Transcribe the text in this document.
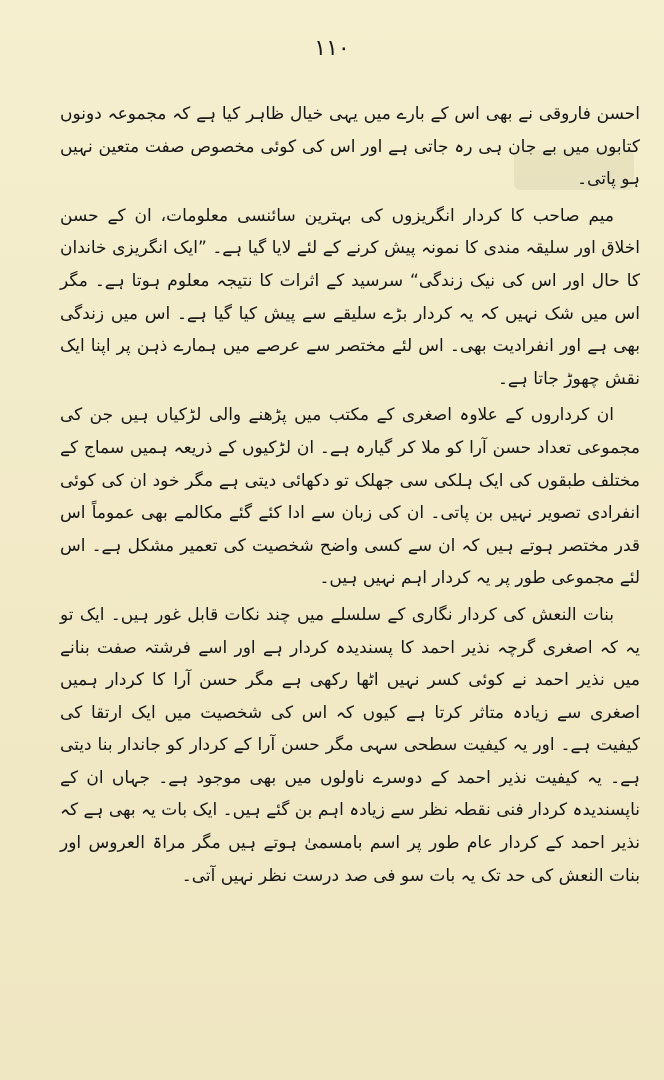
١١٠

احسن فاروقی نے بھی اس کے بارے میں یہی خیال ظاہر کیا ہے کہ مجموعہ دونوں کتابوں میں بے جان ہی رہ جاتی ہے اور اس کی کوئی مخصوص صفت متعین نہیں ہو پاتی۔

میم صاحب کا کردار انگریزوں کی بہترین سائنسی معلومات، ان کے حسن اخلاق اور سلیقہ مندی کا نمونہ پیش کرنے کے لئے لایا گیا ہے۔ ”ایک انگریزی خاندان کا حال اور اس کی نیک زندگی“ سرسید کے اثرات کا نتیجہ معلوم ہوتا ہے۔ مگر اس میں شک نہیں کہ یہ کردار بڑے سلیقے سے پیش کیا گیا ہے۔ اس میں زندگی بھی ہے اور انفرادیت بھی۔ اس لئے مختصر سے عرصے میں ہمارے ذہن پر اپنا ایک نقش چھوڑ جاتا ہے۔

ان کرداروں کے علاوہ اصغری کے مکتب میں پڑھنے والی لڑکیاں ہیں جن کی مجموعی تعداد حسن آرا کو ملا کر گیارہ ہے۔ ان لڑکیوں کے ذریعہ ہمیں سماج کے مختلف طبقوں کی ایک ہلکی سی جھلک تو دکھائی دیتی ہے مگر خود ان کی کوئی انفرادی تصویر نہیں بن پاتی۔ ان کی زبان سے ادا کئے گئے مکالمے بھی عموماً اس قدر مختصر ہوتے ہیں کہ ان سے کسی واضح شخصیت کی تعمیر مشکل ہے۔ اس لئے مجموعی طور پر یہ کردار اہم نہیں ہیں۔

بنات النعش کی کردار نگاری کے سلسلے میں چند نکات قابل غور ہیں۔ ایک تو یہ کہ اصغری گرچہ نذیر احمد کا پسندیدہ کردار ہے اور اسے فرشتہ صفت بنانے میں نذیر احمد نے کوئی کسر نہیں اٹھا رکھی ہے مگر حسن آرا کا کردار ہمیں اصغری سے زیادہ متاثر کرتا ہے کیوں کہ اس کی شخصیت میں ایک ارتقا کی کیفیت ہے۔ اور یہ کیفیت سطحی سہی مگر حسن آرا کے کردار کو جاندار بنا دیتی ہے۔ یہ کیفیت نذیر احمد کے دوسرے ناولوں میں بھی موجود ہے۔ جہاں ان کے ناپسندیدہ کردار فنی نقطہ نظر سے زیادہ اہم بن گئے ہیں۔ ایک بات یہ بھی ہے کہ نذیر احمد کے کردار عام طور پر اسم بامسمیٰ ہوتے ہیں مگر مراۃ العروس اور بنات النعش کی حد تک یہ بات سو فی صد درست نظر نہیں آتی۔
